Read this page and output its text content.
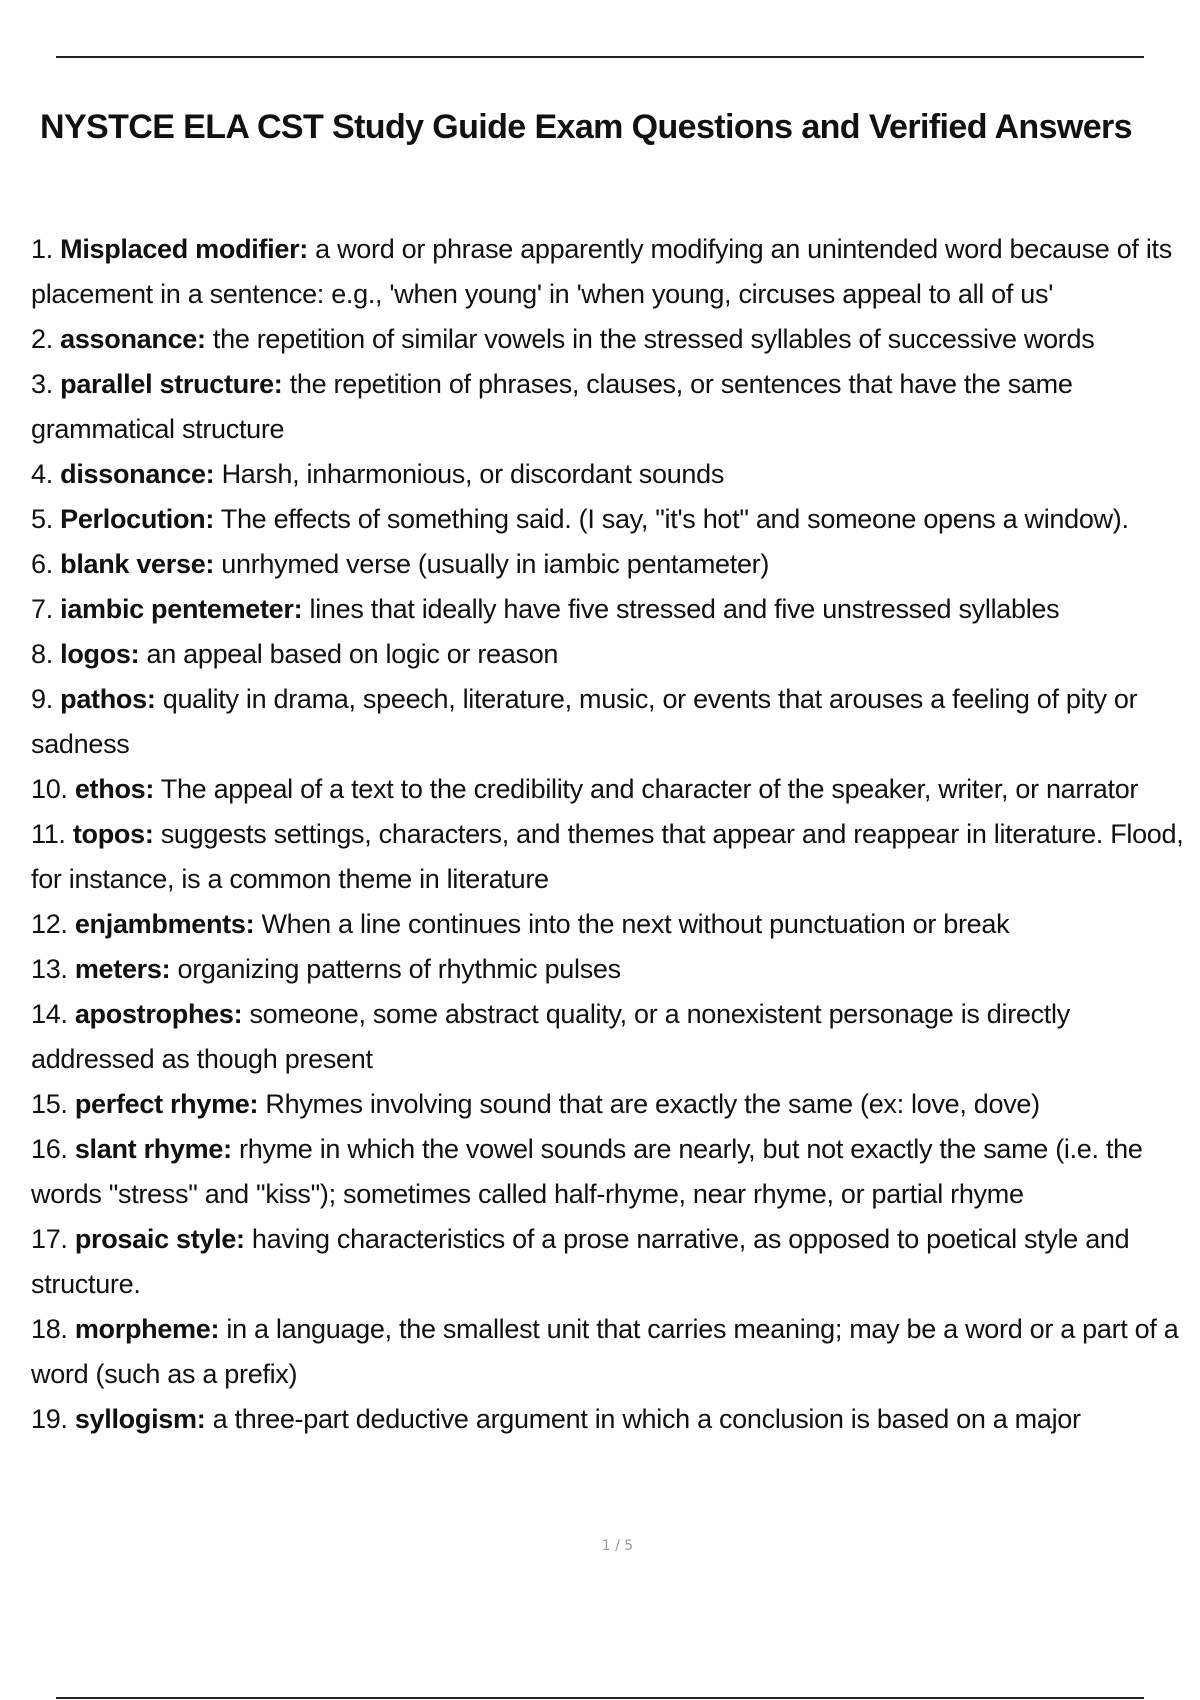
NYSTCE ELA CST Study Guide Exam Questions and Verified Answers
1. Misplaced modifier: a word or phrase apparently modifying an unintended word because of its placement in a sentence: e.g., 'when young' in 'when young, circuses appeal to all of us'
2. assonance: the repetition of similar vowels in the stressed syllables of successive words
3. parallel structure: the repetition of phrases, clauses, or sentences that have the same grammatical structure
4. dissonance: Harsh, inharmonious, or discordant sounds
5. Perlocution: The effects of something said. (I say, "it's hot" and someone opens a window).
6. blank verse: unrhymed verse (usually in iambic pentameter)
7. iambic pentemeter: lines that ideally have five stressed and five unstressed syllables
8. logos: an appeal based on logic or reason
9. pathos: quality in drama, speech, literature, music, or events that arouses a feeling of pity or sadness
10. ethos: The appeal of a text to the credibility and character of the speaker, writer, or narrator
11. topos: suggests settings, characters, and themes that appear and reappear in literature. Flood, for instance, is a common theme in literature
12. enjambments: When a line continues into the next without punctuation or break
13. meters: organizing patterns of rhythmic pulses
14. apostrophes: someone, some abstract quality, or a nonexistent personage is directly addressed as though present
15. perfect rhyme: Rhymes involving sound that are exactly the same (ex: love, dove)
16. slant rhyme: rhyme in which the vowel sounds are nearly, but not exactly the same (i.e. the words "stress" and "kiss"); sometimes called half-rhyme, near rhyme, or partial rhyme
17. prosaic style: having characteristics of a prose narrative, as opposed to poetical style and structure.
18. morpheme: in a language, the smallest unit that carries meaning; may be a word or a part of a word (such as a prefix)
19. syllogism: a three-part deductive argument in which a conclusion is based on a major
1 / 5
